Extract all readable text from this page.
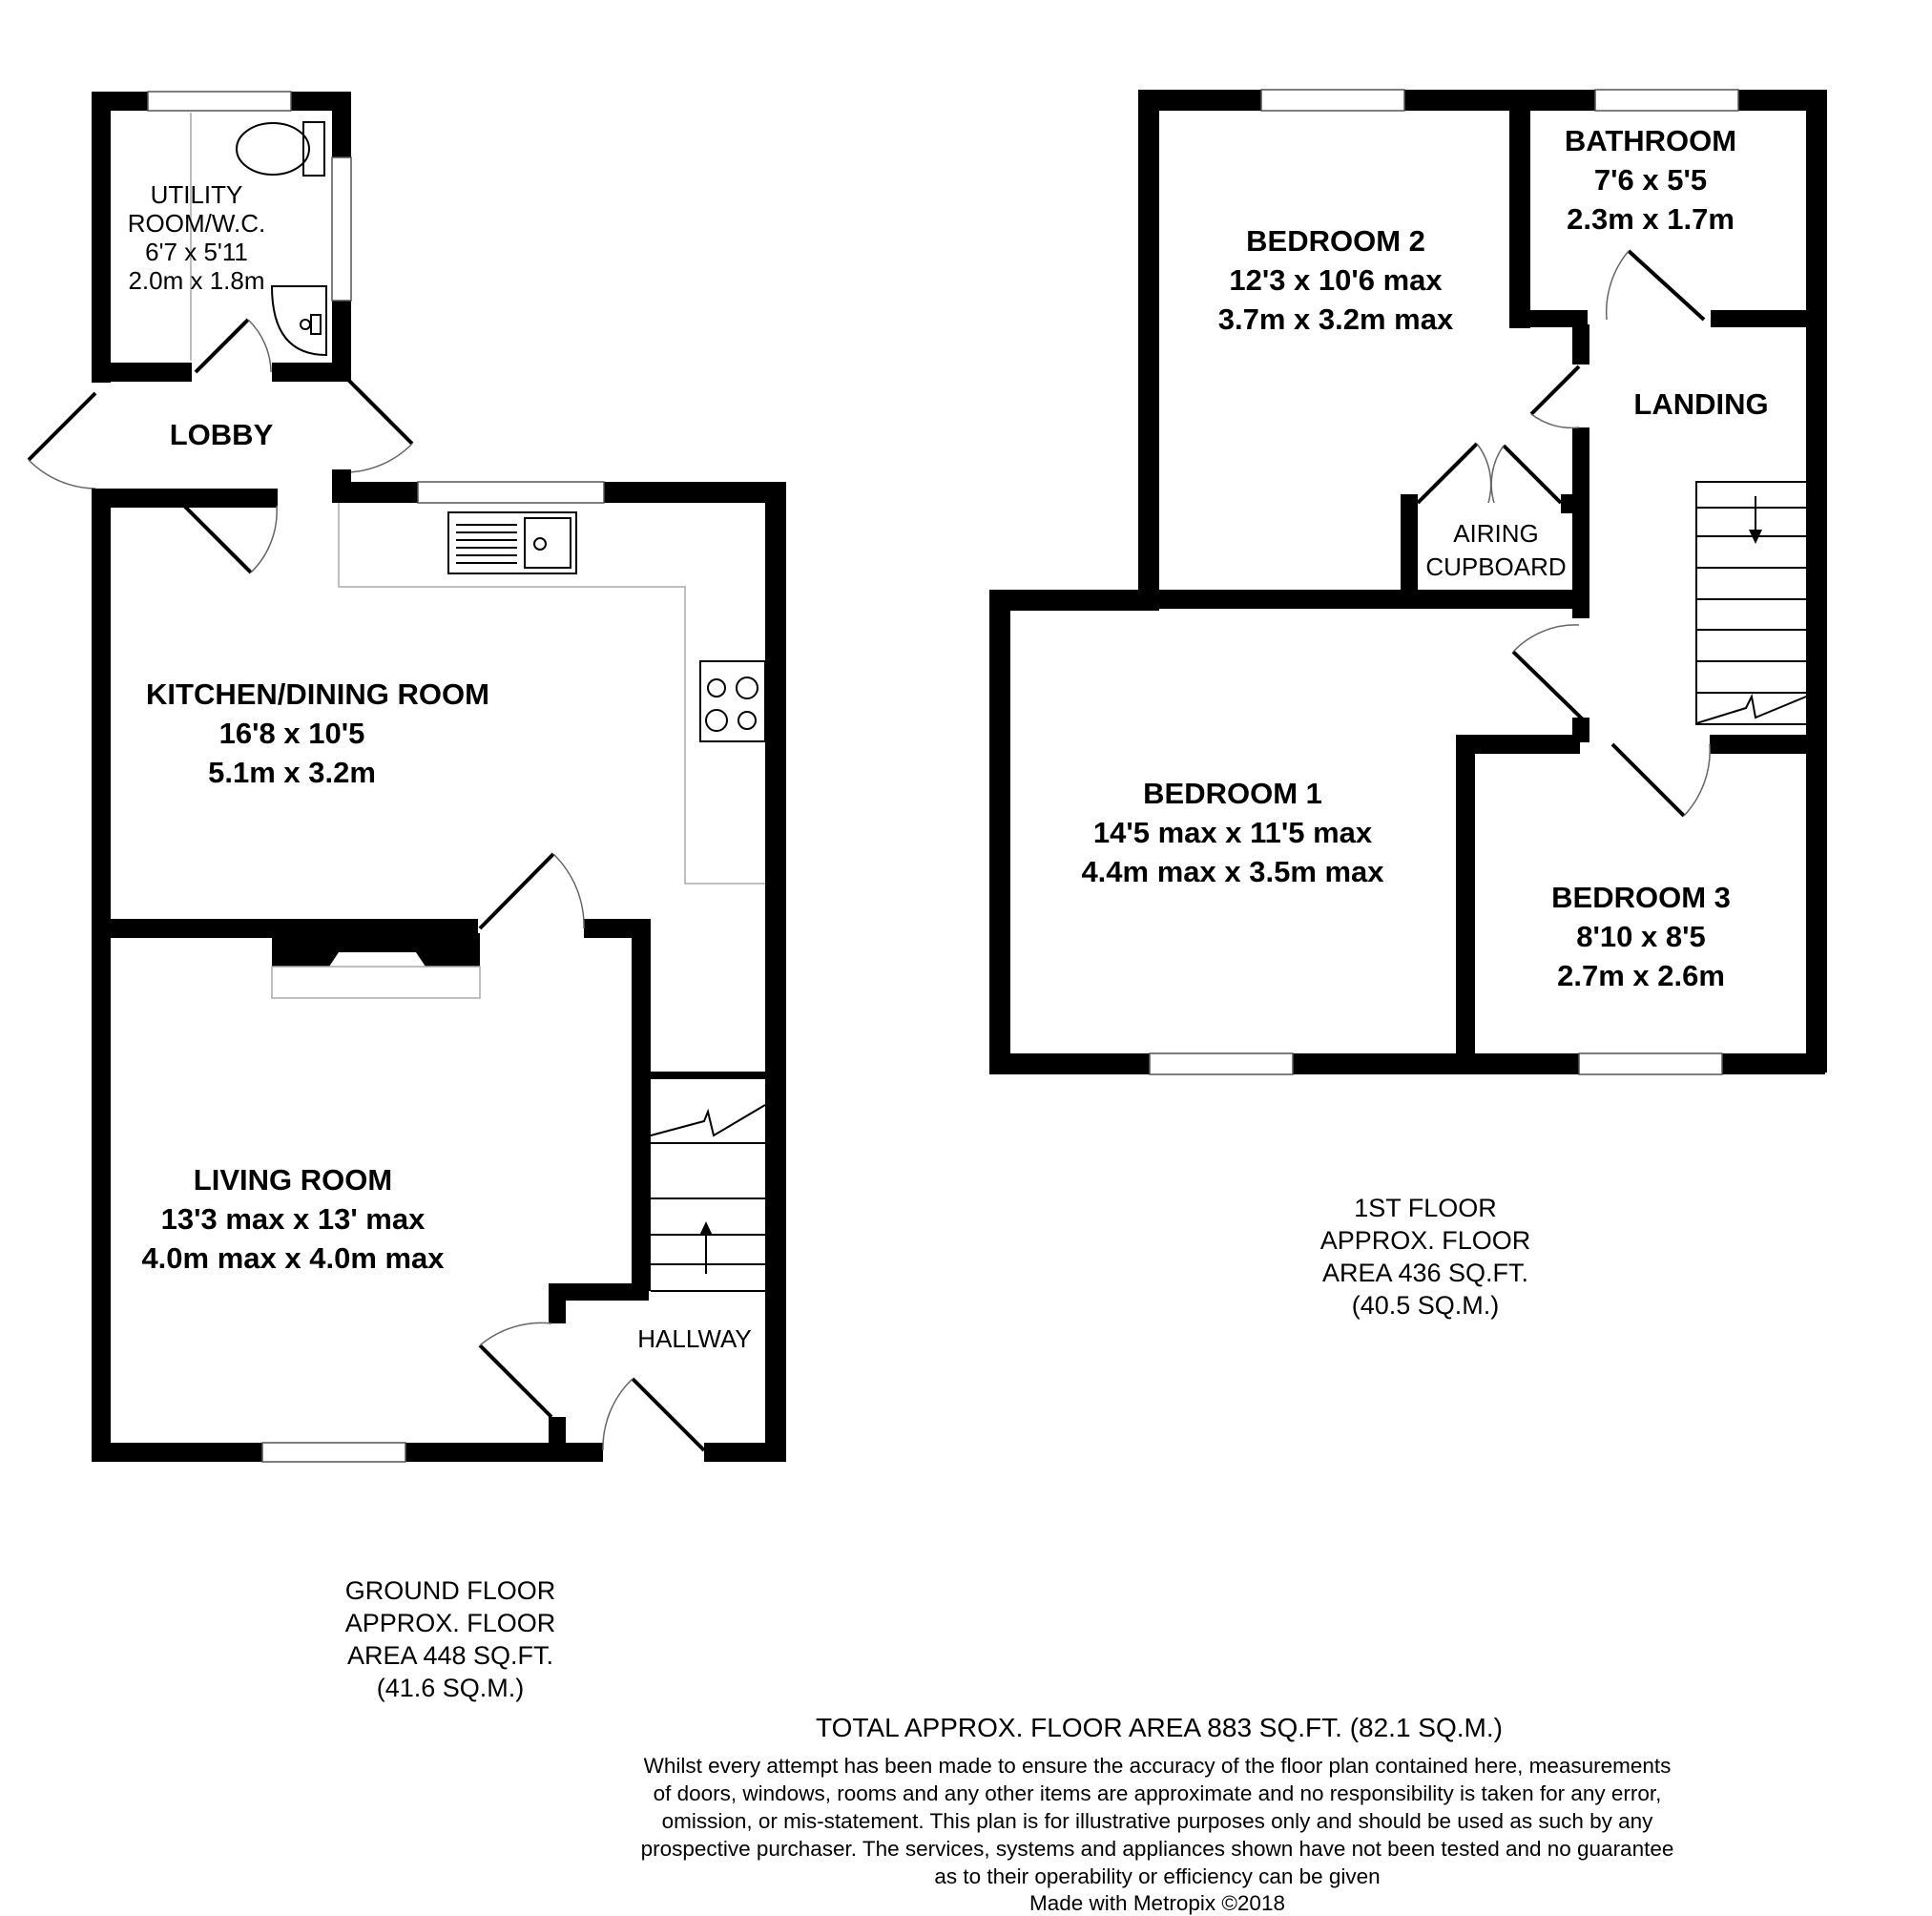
LOBBY
KITCHEN/DINING ROOM
16'8 x 10'5
5.1m x 3.2m
LIVING ROOM
13'3 max x 13' max
4.0m max x 4.0m max
HALLWAY
UTILITY
ROOM/W.C.
6'7 x 5'11
2.0m x 1.8m
GROUND FLOOR
APPROX. FLOOR
AREA 448 SQ.FT.
(41.6 SQ.M.)
BEDROOM 2
12'3 x 10'6 max
3.7m x 3.2m max
BATHROOM
7'6 x 5'5
2.3m x 1.7m
LANDING
AIRING
CUPBOARD
BEDROOM 1
14'5 max x 11'5 max
4.4m max x 3.5m max
BEDROOM 3
8'10 x 8'5
2.7m x 2.6m
1ST FLOOR
APPROX. FLOOR
AREA 436 SQ.FT.
(40.5 SQ.M.)
TOTAL APPROX. FLOOR AREA 883 SQ.FT. (82.1 SQ.M.)
Whilst every attempt has been made to ensure the accuracy of the floor plan contained here, measurements
of doors, windows, rooms and any other items are approximate and no responsibility is taken for any error,
omission, or mis-statement. This plan is for illustrative purposes only and should be used as such by any
prospective purchaser. The services, systems and appliances shown have not been tested and no guarantee
as to their operability or efficiency can be given
Made with Metropix ©2018
